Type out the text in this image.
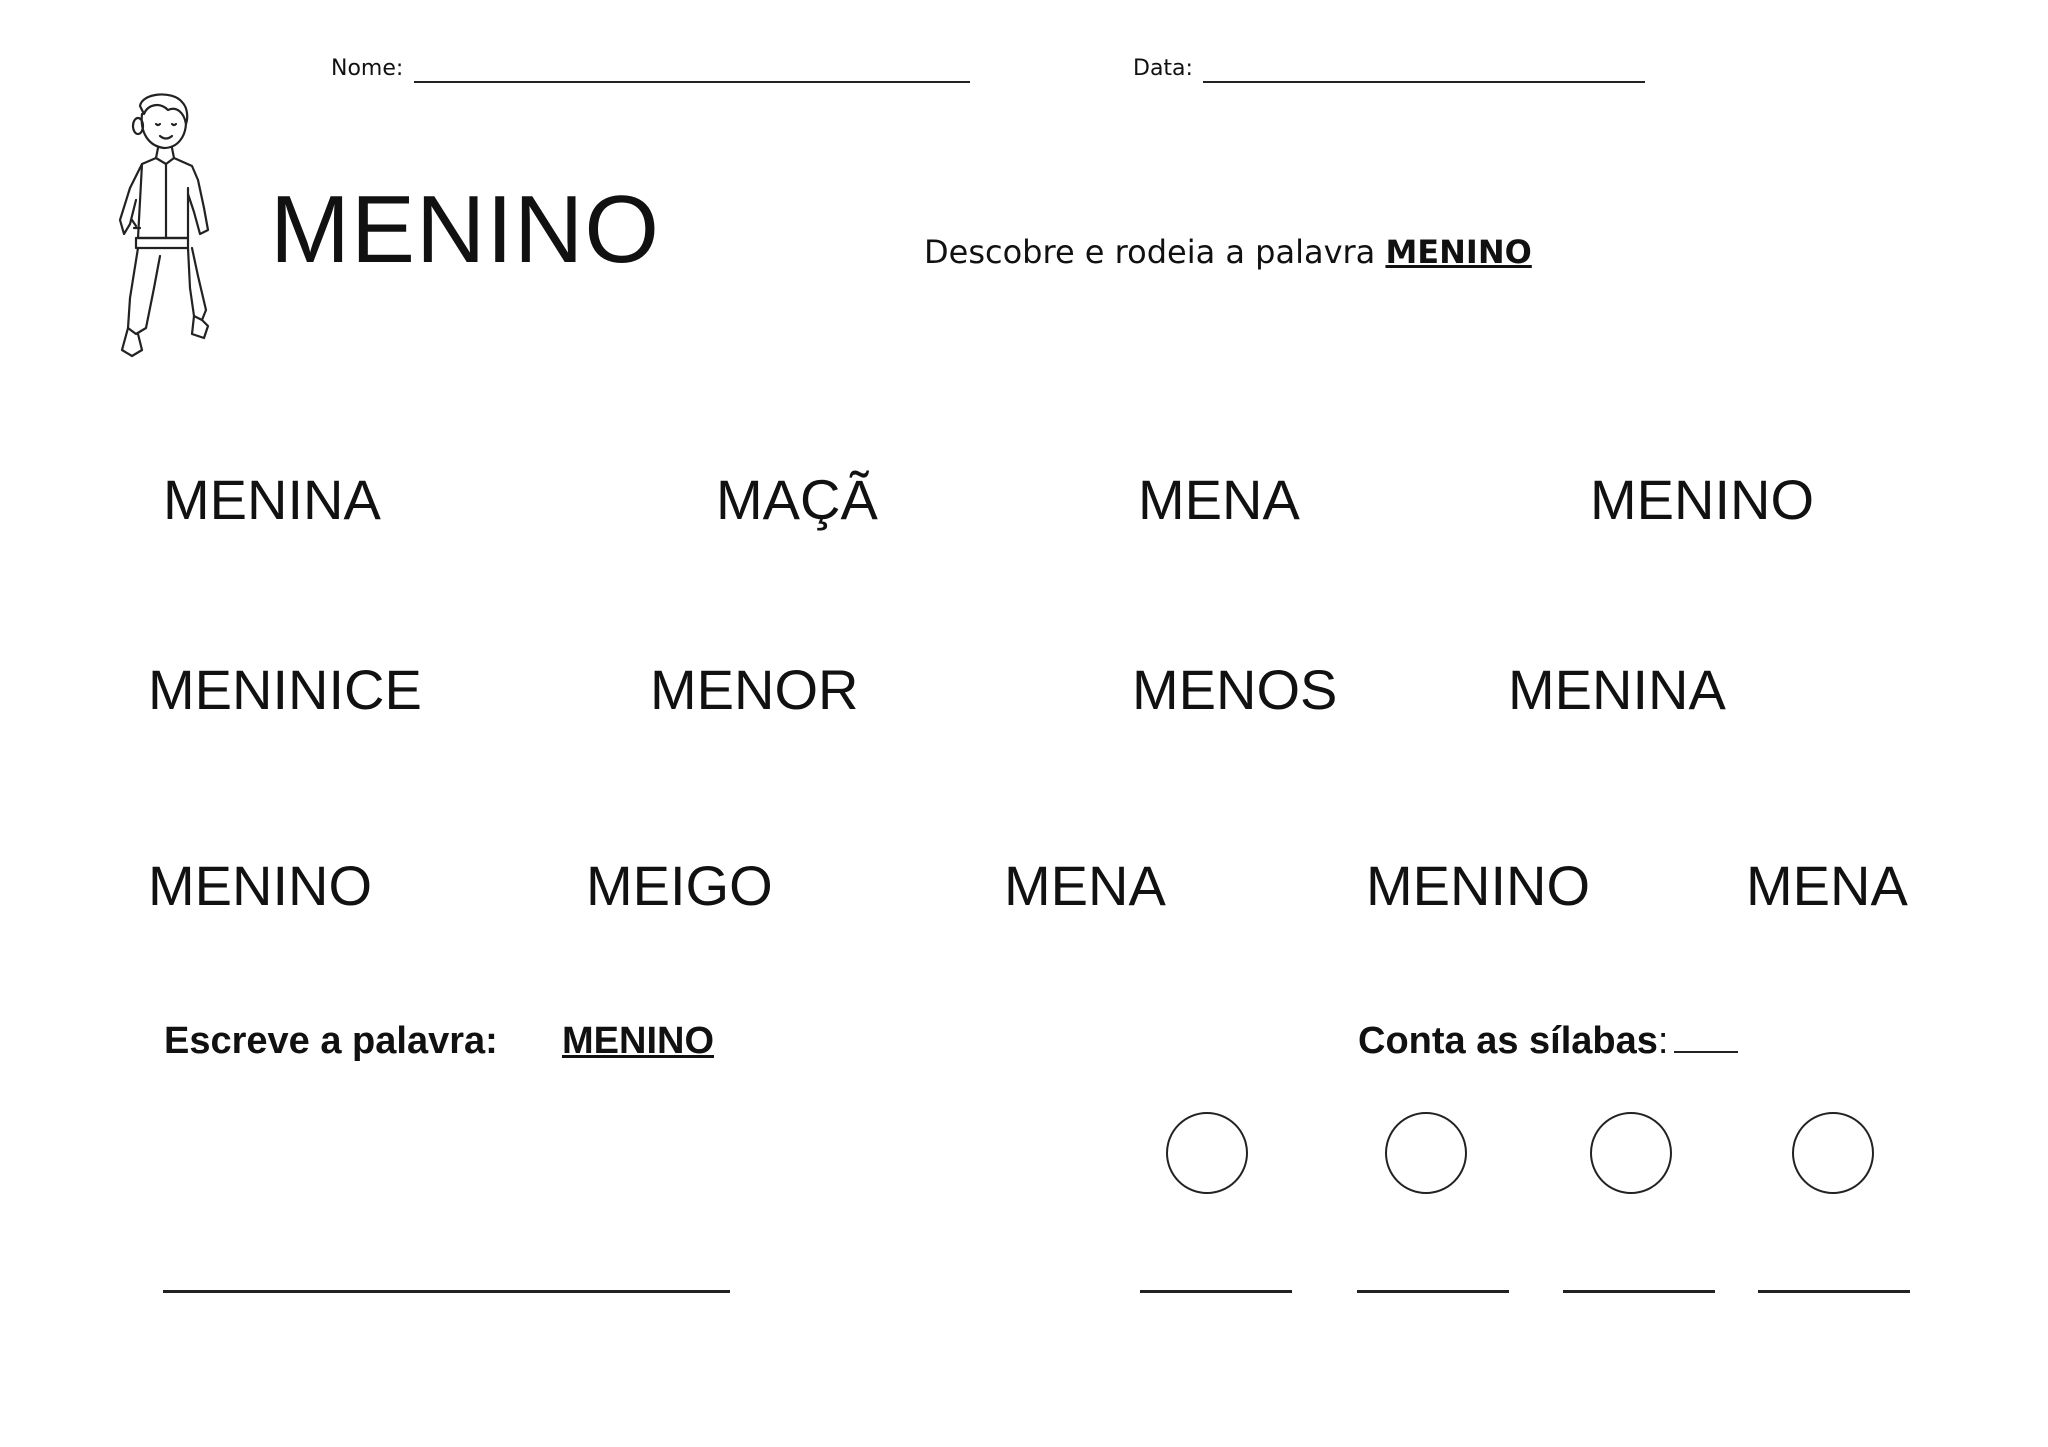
Nome:	Data:
MENINO	Descobre e rodeia a palavra MENINO
MENINA	MAÇÃ	MENA	MENINO
MENINICE	MENOR	MENOS	MENINA
MENINO	MEIGO	MENA	MENINO	MENA
Escreve a palavra: MENINO	Conta as sílabas:
